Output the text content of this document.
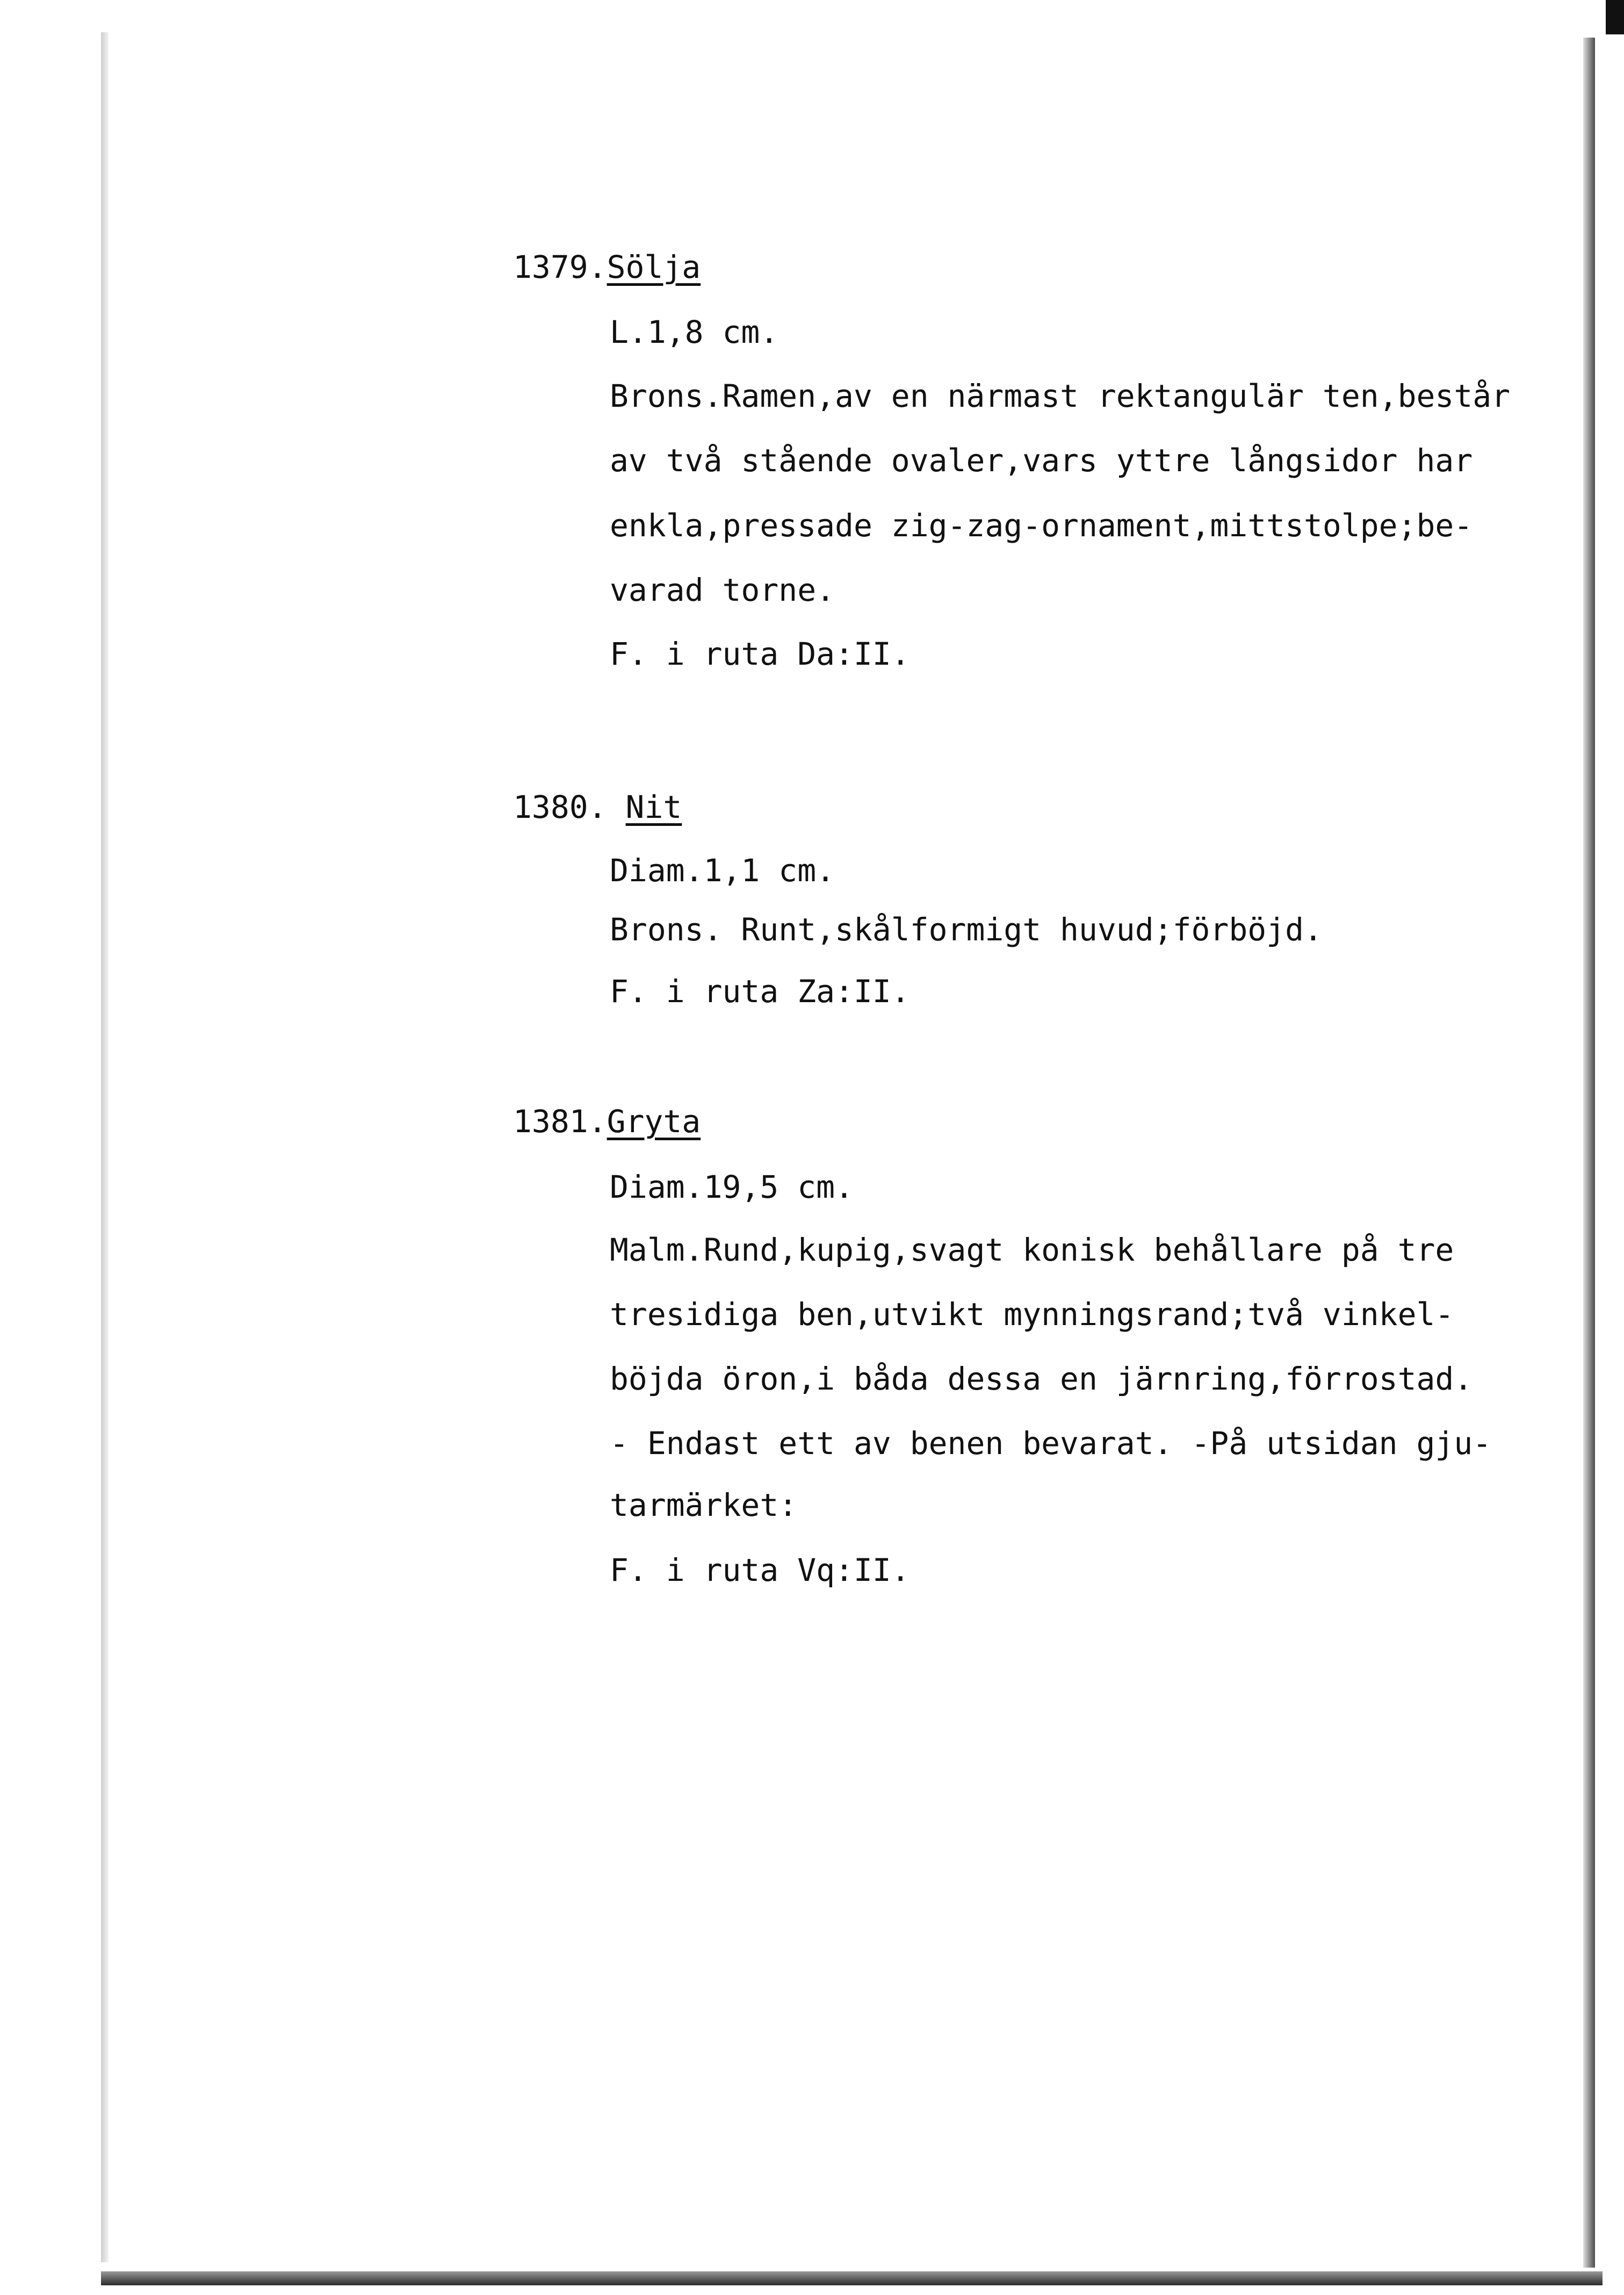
1379.Sölja
L.1,8 cm.
Brons.Ramen,av en närmast rektangulär ten,består
av två stående ovaler,vars yttre långsidor har
enkla,pressade zig-zag-ornament,mittstolpe;be-
varad torne.
F. i ruta Da:II.
1380. Nit
Diam.1,1 cm.
Brons. Runt,skålformigt huvud;förböjd.
F. i ruta Za:II.
1381.Gryta
Diam.19,5 cm.
Malm.Rund,kupig,svagt konisk behållare på tre
tresidiga ben,utvikt mynningsrand;två vinkel-
böjda öron,i båda dessa en järnring,förrostad.
- Endast ett av benen bevarat. -På utsidan gju-
tarmärket:
F. i ruta Vq:II.
